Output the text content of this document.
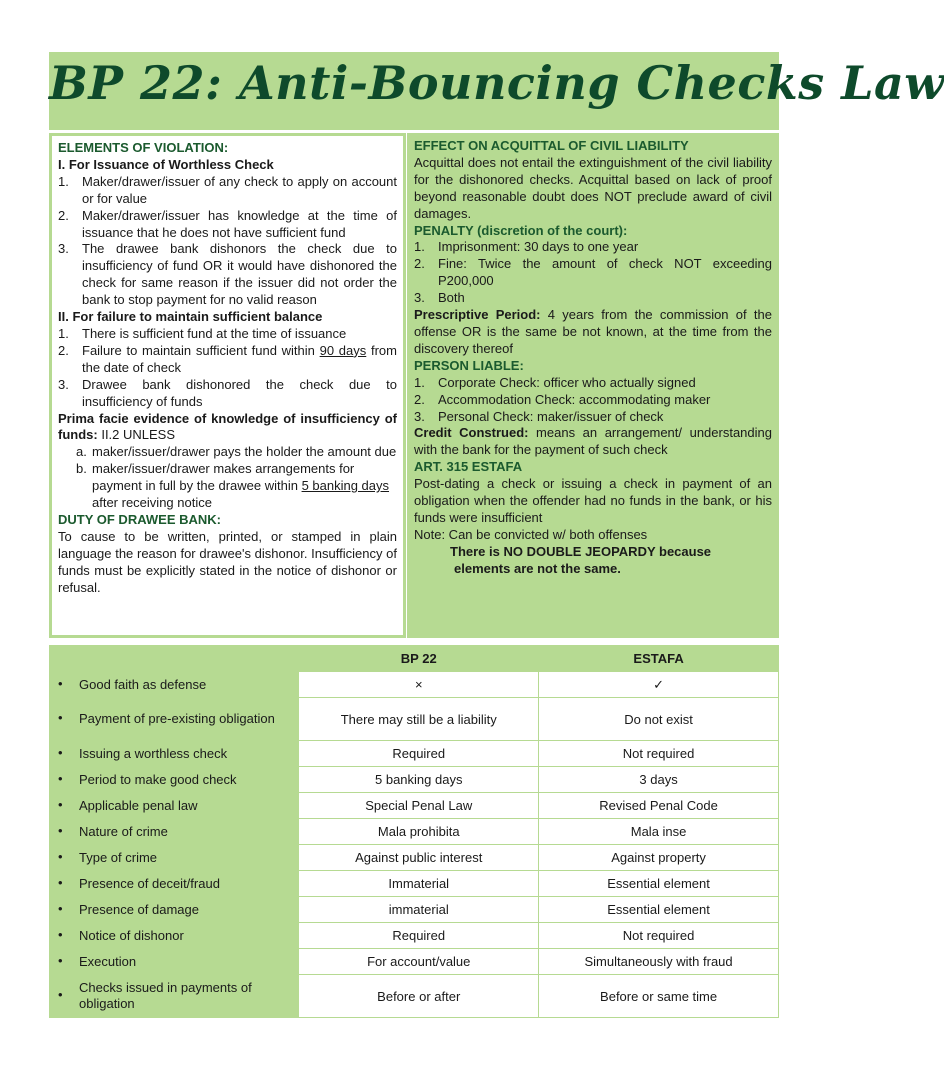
BP 22: Anti-Bouncing Checks Law
ELEMENTS OF VIOLATION:
I. For Issuance of Worthless Check
1. Maker/drawer/issuer of any check to apply on account or for value
2. Maker/drawer/issuer has knowledge at the time of issuance that he does not have sufficient fund
3. The drawee bank dishonors the check due to insufficiency of fund OR it would have dishonored the check for same reason if the issuer did not order the bank to stop payment for no valid reason
II. For failure to maintain sufficient balance
1. There is sufficient fund at the time of issuance
2. Failure to maintain sufficient fund within 90 days from the date of check
3. Drawee bank dishonored the check due to insufficiency of funds
Prima facie evidence of knowledge of insufficiency of funds: II.2 UNLESS
a. maker/issuer/drawer pays the holder the amount due
b. maker/issuer/drawer makes arrangements for payment in full by the drawee within 5 banking days after receiving notice
DUTY OF DRAWEE BANK:
To cause to be written, printed, or stamped in plain language the reason for drawee's dishonor. Insufficiency of funds must be explicitly stated in the notice of dishonor or refusal.
EFFECT ON ACQUITTAL OF CIVIL LIABILITY
Acquittal does not entail the extinguishment of the civil liability for the dishonored checks. Acquittal based on lack of proof beyond reasonable doubt does NOT preclude award of civil damages.
PENALTY (discretion of the court):
1. Imprisonment: 30 days to one year
2. Fine: Twice the amount of check NOT exceeding P200,000
3. Both
Prescriptive Period: 4 years from the commission of the offense OR is the same be not known, at the time from the discovery thereof
PERSON LIABLE:
1. Corporate Check: officer who actually signed
2. Accommodation Check: accommodating maker
3. Personal Check: maker/issuer of check
Credit Construed: means an arrangement/ understanding with the bank for the payment of such check
ART. 315 ESTAFA
Post-dating a check or issuing a check in payment of an obligation when the offender had no funds in the bank, or his funds were insufficient
Note: Can be convicted w/ both offenses
There is NO DOUBLE JEOPARDY because
elements are not the same.
	BP 22	ESTAFA

• Good faith as defense	×	✓

• Payment of pre-existing obligation	There may still be a liability	Do not exist

• Issuing a worthless check	Required	Not required

• Period to make good check	5 banking days	3 days

• Applicable penal law	Special Penal Law	Revised Penal Code

• Nature of crime	Mala prohibita	Mala inse

• Type of crime	Against public interest	Against property

• Presence of deceit/fraud	Immaterial	Essential element

• Presence of damage	immaterial	Essential element

• Notice of dishonor	Required	Not required

• Execution	For account/value	Simultaneously with fraud

• Checks issued in payments of obligation	Before or after	Before or same time
